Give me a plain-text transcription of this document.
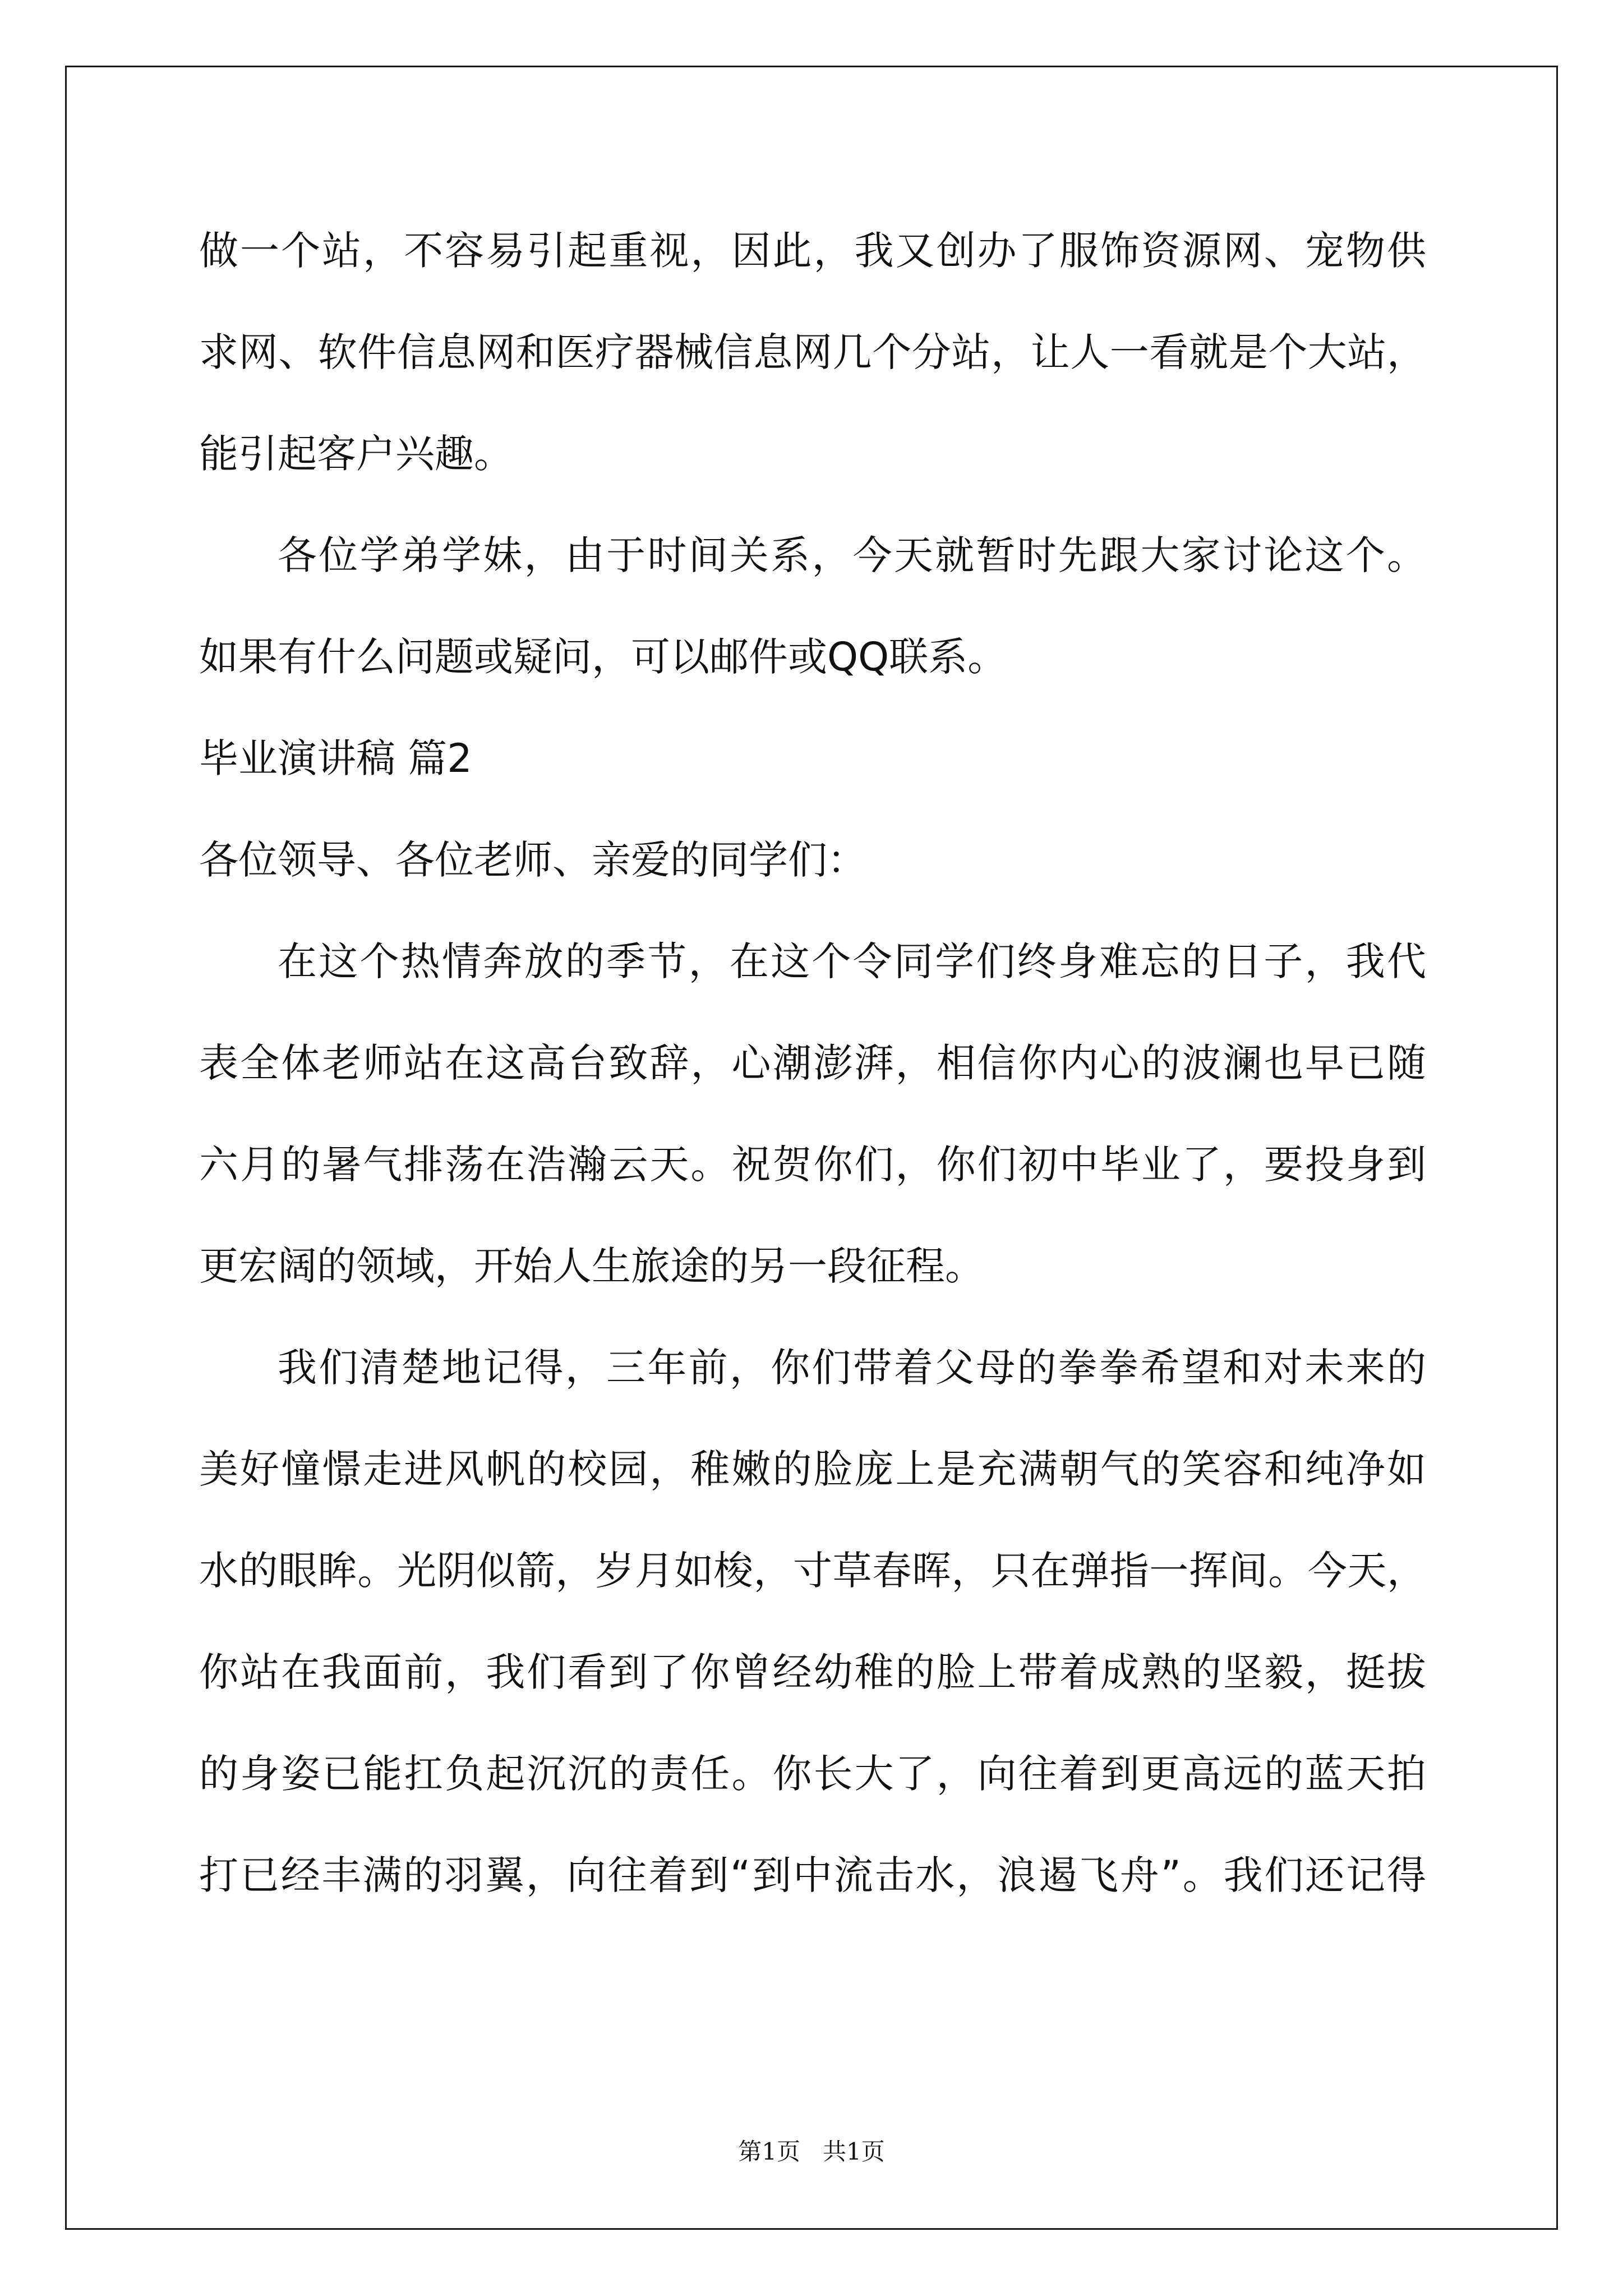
做一个站，不容易引起重视，因此，我又创办了服饰资源网、宠物供
求网、软件信息网和医疗器械信息网几个分站，让人一看就是个大站，
能引起客户兴趣。
各位学弟学妹，由于时间关系，今天就暂时先跟大家讨论这个。
如果有什么问题或疑问，可以邮件或QQ联系。
毕业演讲稿 篇2
各位领导、各位老师、亲爱的同学们：
在这个热情奔放的季节，在这个令同学们终身难忘的日子，我代
表全体老师站在这高台致辞，心潮澎湃，相信你内心的波澜也早已随
六月的暑气排荡在浩瀚云天。祝贺你们，你们初中毕业了，要投身到
更宏阔的领域，开始人生旅途的另一段征程。
我们清楚地记得，三年前，你们带着父母的拳拳希望和对未来的
美好憧憬走进风帆的校园，稚嫩的脸庞上是充满朝气的笑容和纯净如
水的眼眸。光阴似箭，岁月如梭，寸草春晖，只在弹指一挥间。今天，
你站在我面前，我们看到了你曾经幼稚的脸上带着成熟的坚毅，挺拔
的身姿已能扛负起沉沉的责任。你长大了，向往着到更高远的蓝天拍
打已经丰满的羽翼，向往着到“到中流击水，浪遏飞舟”。我们还记得
第1页   共1页
